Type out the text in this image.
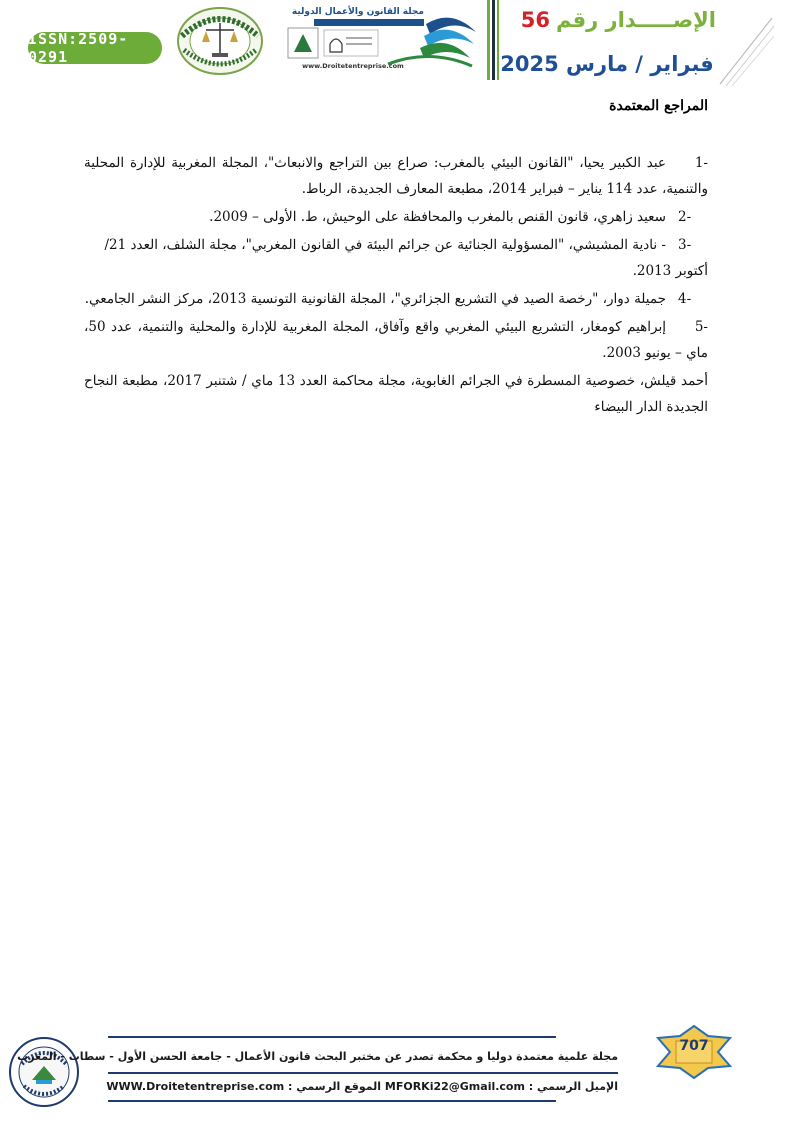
ISSN:2509-0291
مجلة القانون والأعمال الدولية
www.Droitetentreprise.com
الإصـــــدار رقم
56
فبراير / مارس 2025
المراجع المعتمدة
1-عبد الكبير يحيا، "القانون البيئي بالمغرب: صراع بين التراجع والانبعاث"، المجلة المغربية للإدارة المحلية والتنمية، عدد 114 يناير – فبراير 2014، مطبعة المعارف الجديدة، الرباط.
2-سعيد زاهري، قانون القنص بالمغرب والمحافظة على الوحيش، ط. الأولى – 2009.
3-- نادية المشيشي، "المسؤولية الجنائية عن جرائم البيئة في القانون المغربي"، مجلة الشلف، العدد 21/ أكتوبر 2013.
4-جميلة دوار، "رخصة الصيد في التشريع الجزائري"، المجلة القانونية التونسية 2013، مركز النشر الجامعي.
5-إبراهيم كومغار، التشريع البيئي المغربي واقع وآفاق، المجلة المغربية للإدارة والمحلية والتنمية، عدد 50، ماي – يونيو 2003.
أحمد قيلش، خصوصية المسطرة في الجرائم الغابوية، مجلة محاكمة العدد 13 ماي / شتنبر 2017، مطبعة النجاح الجديدة الدار البيضاء
مجلة علمية معتمدة دوليا و محكمة تصدر عن مختبر البحث قانون الأعمال - جامعة الحسن الأول - سطات - المغرب
الإميل الرسمي : MFORKi22@Gmail.com الموقع الرسمي : WWW.Droitetentreprise.com
707
